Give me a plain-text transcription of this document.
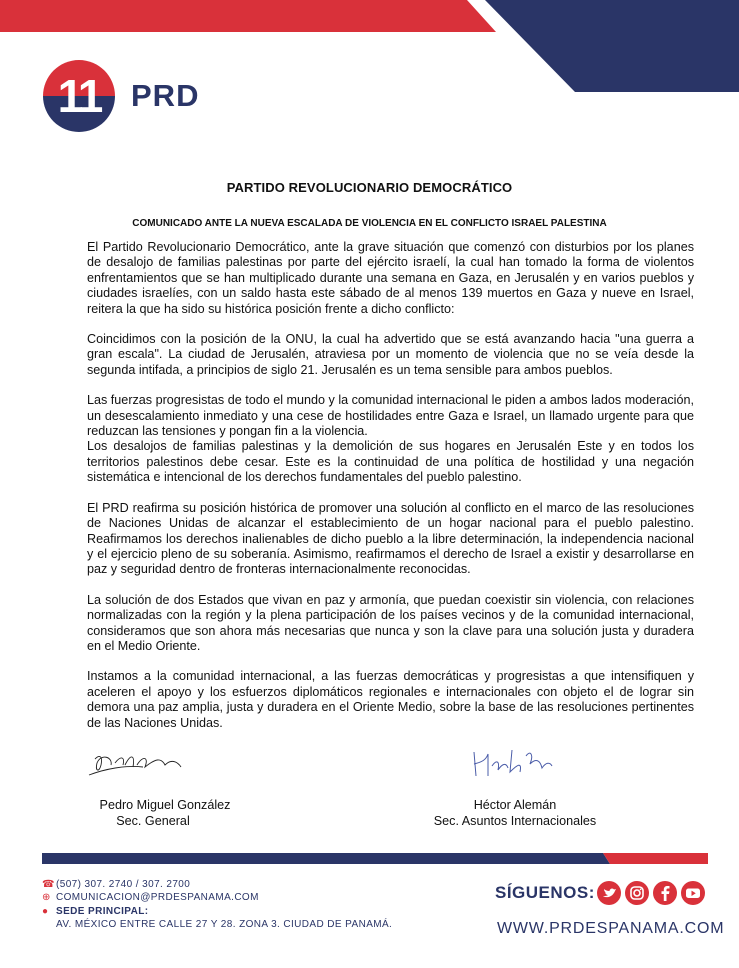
11 PRD
PARTIDO REVOLUCIONARIO DEMOCRÁTICO
COMUNICADO ANTE LA NUEVA ESCALADA DE VIOLENCIA EN EL CONFLICTO ISRAEL PALESTINA

El Partido Revolucionario Democrático, ante la grave situación que comenzó con disturbios por los planes de desalojo de familias palestinas por parte del ejército israelí, la cual han tomado la forma de violentos enfrentamientos que se han multiplicado durante una semana en Gaza, en Jerusalén y en varios pueblos y ciudades israelíes, con un saldo hasta este sábado de al menos 139 muertos en Gaza y nueve en Israel, reitera la que ha sido su histórica posición frente a dicho conflicto:

Coincidimos con la posición de la ONU, la cual ha advertido que se está avanzando hacia "una guerra a gran escala". La ciudad de Jerusalén, atraviesa por un momento de violencia que no se veía desde la segunda intifada, a principios de siglo 21. Jerusalén es un tema sensible para ambos pueblos.

Las fuerzas progresistas de todo el mundo y la comunidad internacional le piden a ambos lados moderación, un desescalamiento inmediato y una cese de hostilidades entre Gaza e Israel, un llamado urgente para que reduzcan las tensiones y pongan fin a la violencia.

Los desalojos de familias palestinas y la demolición de sus hogares en Jerusalén Este y en todos los territorios palestinos debe cesar. Este es la continuidad de una política de hostilidad y una negación sistemática e intencional de los derechos fundamentales del pueblo palestino.

El PRD reafirma su posición histórica de promover una solución al conflicto en el marco de las resoluciones de Naciones Unidas de alcanzar el establecimiento de un hogar nacional para el pueblo palestino. Reafirmamos los derechos inalienables de dicho pueblo a la libre determinación, la independencia nacional y el ejercicio pleno de su soberanía. Asimismo, reafirmamos el derecho de Israel a existir y desarrollarse en paz y seguridad dentro de fronteras internacionalmente reconocidas.

La solución de dos Estados que vivan en paz y armonía, que puedan coexistir sin violencia, con relaciones normalizadas con la región y la plena participación de los países vecinos y de la comunidad internacional, consideramos que son ahora más necesarias que nunca y son la clave para una solución justa y duradera en el Medio Oriente.

Instamos a la comunidad internacional, a las fuerzas democráticas y progresistas a que intensifiquen y aceleren el apoyo y los esfuerzos diplomáticos regionales e internacionales con objeto el de lograr sin demora una paz amplia, justa y duradera en el Oriente Medio, sobre la base de las resoluciones pertinentes de las Naciones Unidas.

Pedro Miguel González
Sec. General
Héctor Alemán
Sec. Asuntos Internacionales
☎(507) 307. 2740 / 307. 2700
⊕ COMUNICACION@PRDESPANAMA.COM
● SEDE PRINCIPAL:
AV. MÉXICO ENTRE CALLE 27 Y 28. ZONA 3. CIUDAD DE PANAMÁ.
SÍGUENOS:
WWW.PRDESPANAMA.COM
